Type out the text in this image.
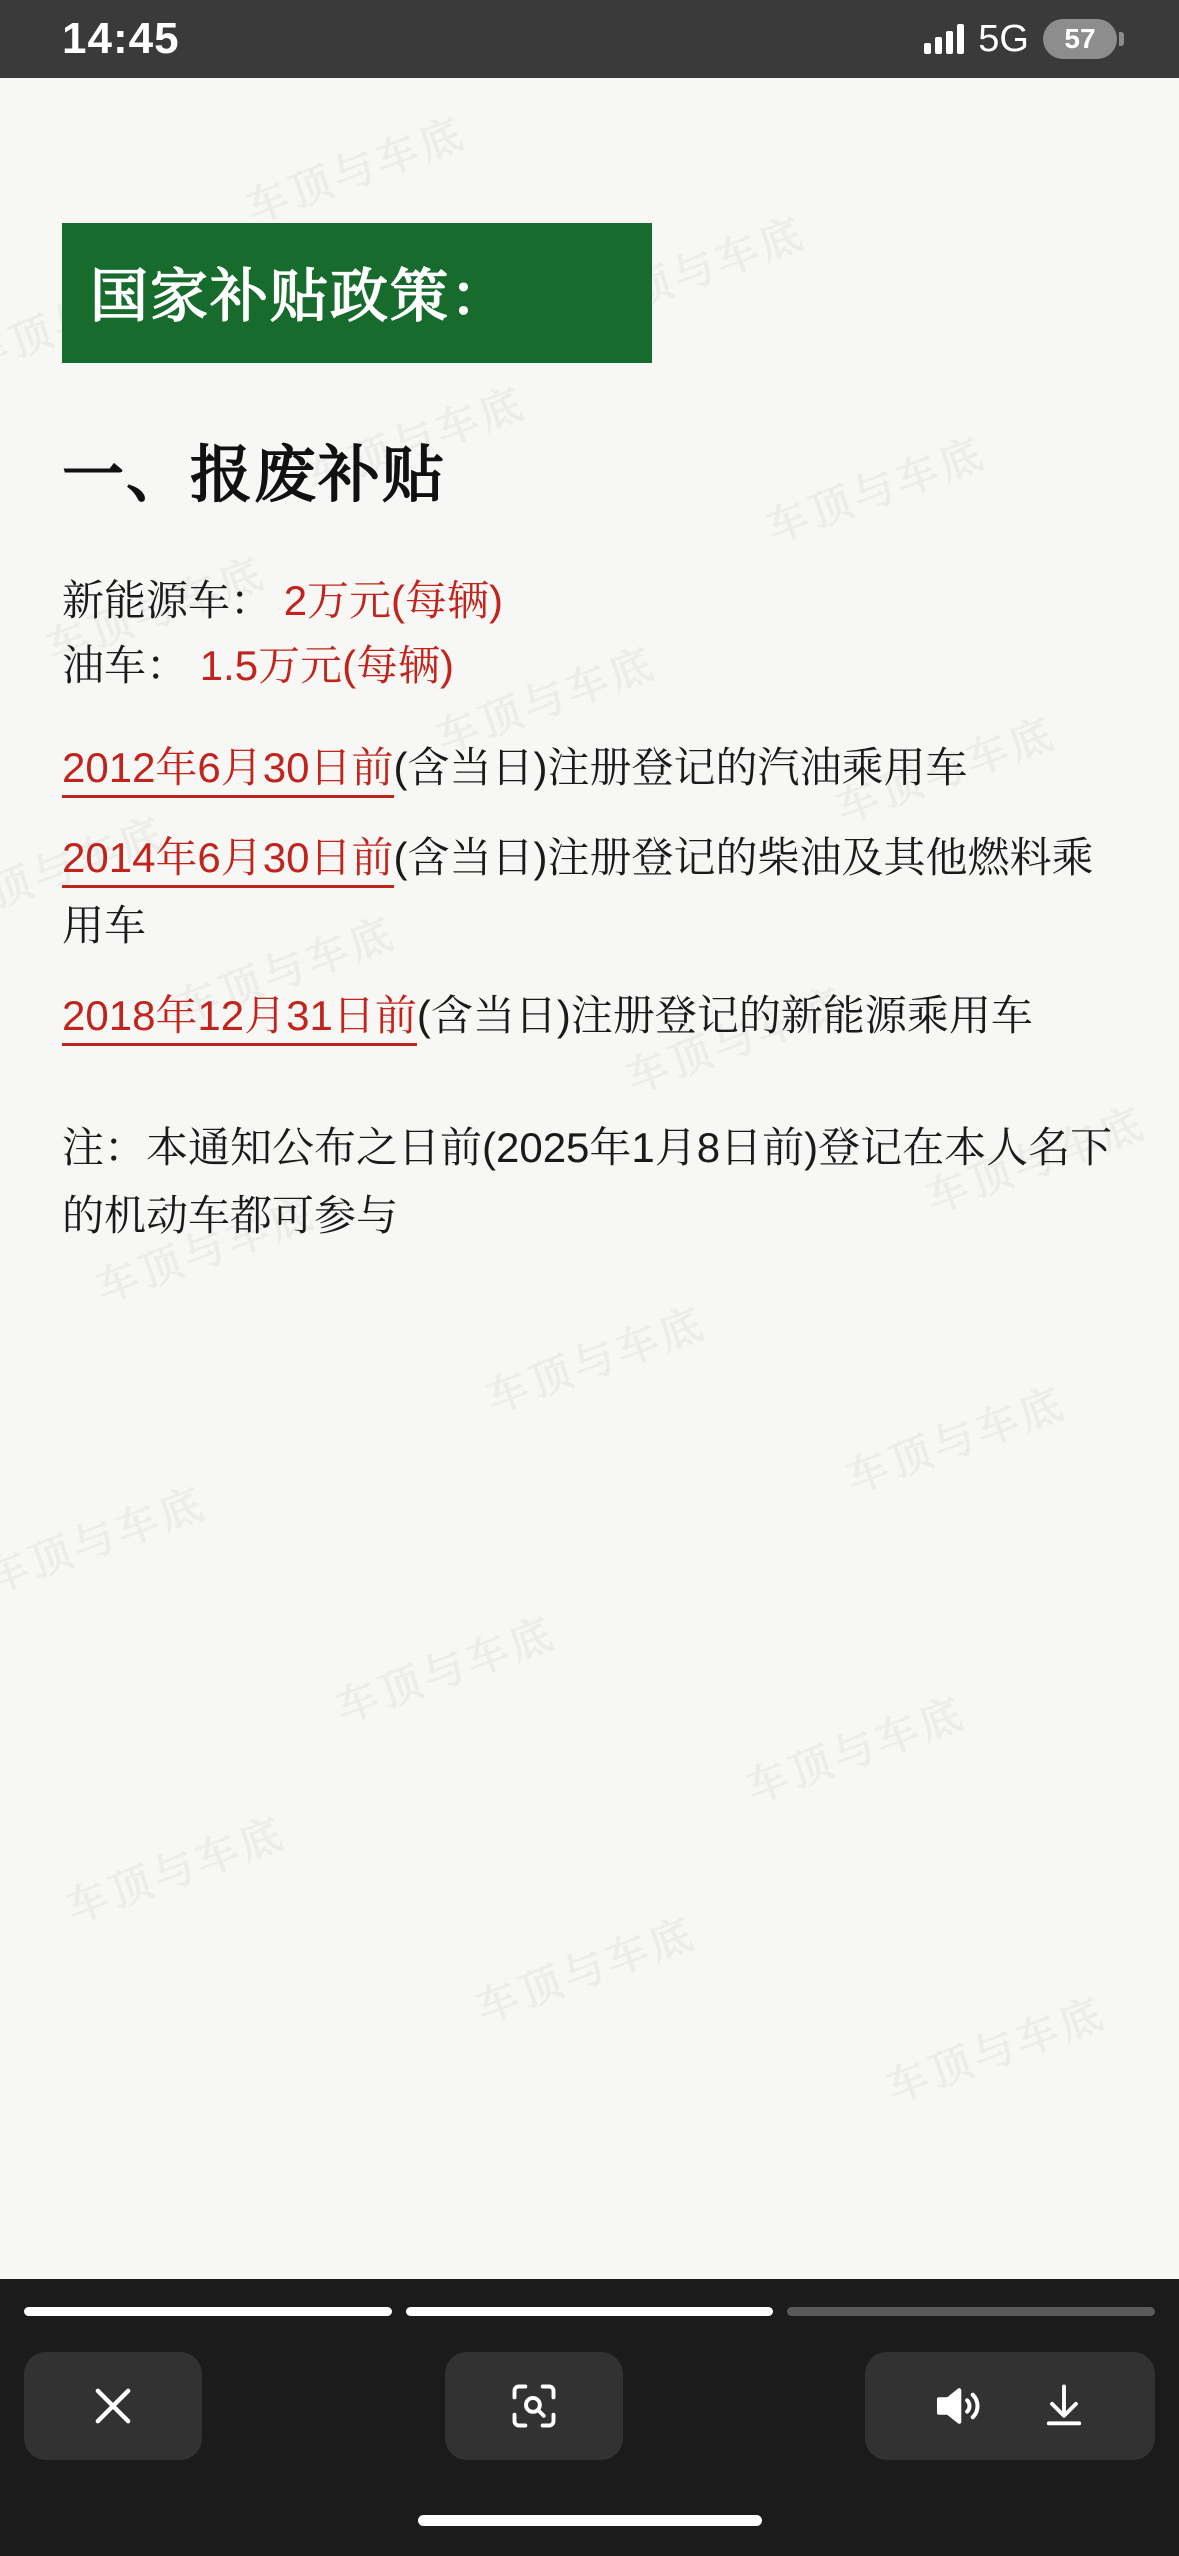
14:45	5G	57
国家补贴政策：
一、报废补贴
新能源车： 2万元(每辆)
油车： 1.5万元(每辆)
2012年6月30日前(含当日)注册登记的汽油乘用车
2014年6月30日前(含当日)注册登记的柴油及其他燃料乘用车
2018年12月31日前(含当日)注册登记的新能源乘用车
注：本通知公布之日前(2025年1月8日前)登记在本人名下的机动车都可参与
